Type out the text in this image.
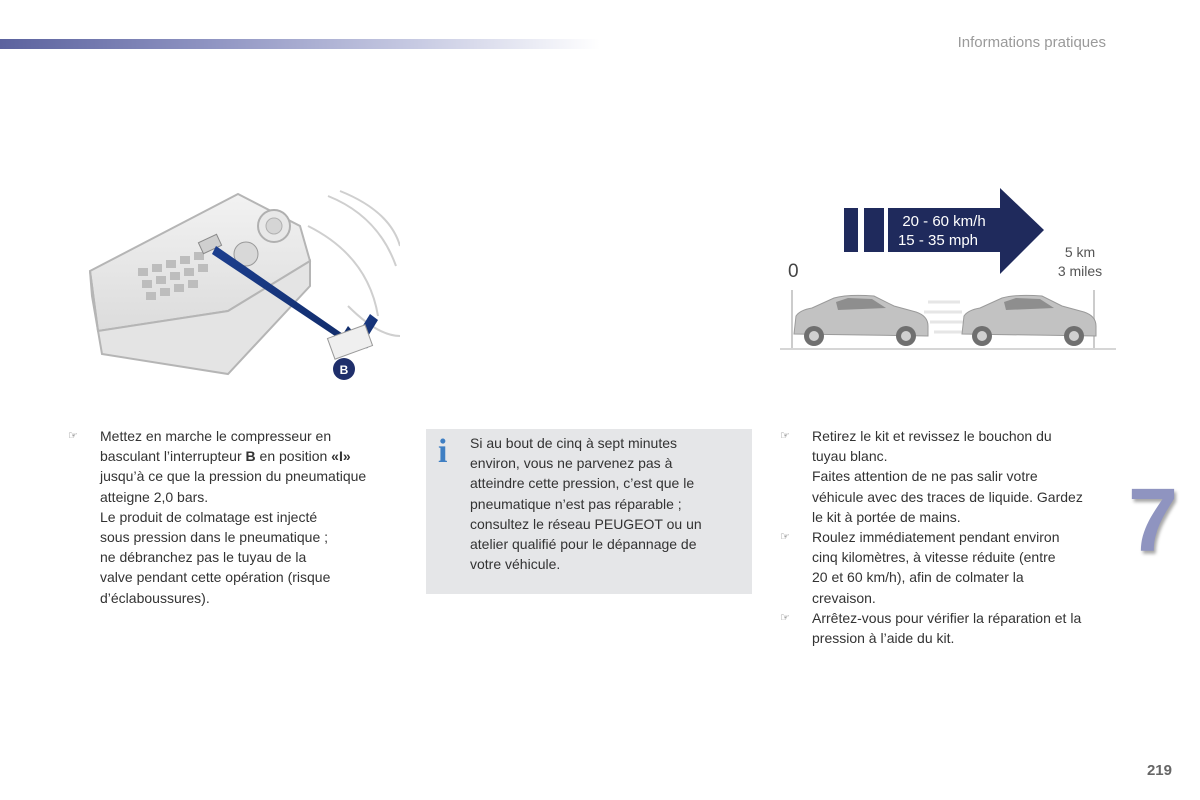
Informations pratiques
B
20 - 60 km/h
15 - 35 mph
0
5 km
3 miles
☞ Mettez en marche le compresseur en

basculant l’interrupteur B en position «I»

jusqu’à ce que la pression du pneumatique

atteigne 2,0 bars.

Le produit de colmatage est injecté

sous pression dans le pneumatique ;

ne débranchez pas le tuyau de la

valve pendant cette opération (risque

d’éclaboussures).

i Si au bout de cinq à sept minutes
environ, vous ne parvenez pas à
atteindre cette pression, c’est que le
pneumatique n’est pas réparable ;
consultez le réseau PEUGEOT ou un
atelier qualifié pour le dépannage de
votre véhicule.
☞ Retirez le kit et revissez le bouchon du

tuyau blanc.

Faites attention de ne pas salir votre

véhicule avec des traces de liquide. Gardez

le kit à portée de mains.

☞ Roulez immédiatement pendant environ

cinq kilomètres, à vitesse réduite (entre

20 et 60 km/h), afin de colmater la

crevaison.

☞ Arrêtez-vous pour vérifier la réparation et la

pression à l’aide du kit.

7
219
